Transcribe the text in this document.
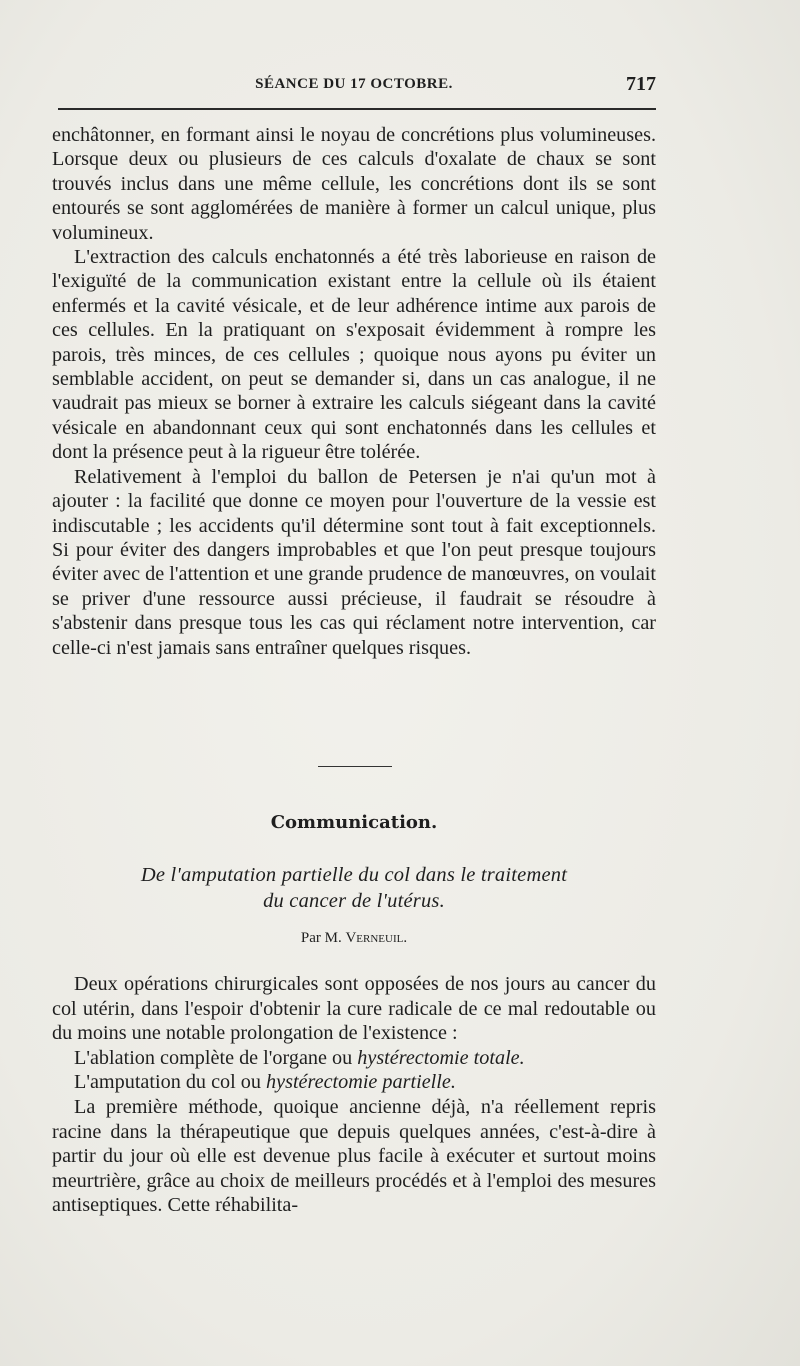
SÉANCE DU 17 OCTOBRE.	717

enchâtonner, en formant ainsi le noyau de concrétions plus volumineuses. Lorsque deux ou plusieurs de ces calculs d'oxalate de chaux se sont trouvés inclus dans une même cellule, les concrétions dont ils se sont entourés se sont agglomérées de manière à former un calcul unique, plus volumineux.

L'extraction des calculs enchatonnés a été très laborieuse en raison de l'exiguïté de la communication existant entre la cellule où ils étaient enfermés et la cavité vésicale, et de leur adhérence intime aux parois de ces cellules. En la pratiquant on s'exposait évidemment à rompre les parois, très minces, de ces cellules ; quoique nous ayons pu éviter un semblable accident, on peut se demander si, dans un cas analogue, il ne vaudrait pas mieux se borner à extraire les calculs siégeant dans la cavité vésicale en abandonnant ceux qui sont enchatonnés dans les cellules et dont la présence peut à la rigueur être tolérée.

Relativement à l'emploi du ballon de Petersen je n'ai qu'un mot à ajouter : la facilité que donne ce moyen pour l'ouverture de la vessie est indiscutable ; les accidents qu'il détermine sont tout à fait exceptionnels. Si pour éviter des dangers improbables et que l'on peut presque toujours éviter avec de l'attention et une grande prudence de manœuvres, on voulait se priver d'une ressource aussi précieuse, il faudrait se résoudre à s'abstenir dans presque tous les cas qui réclament notre intervention, car celle-ci n'est jamais sans entraîner quelques risques.

Communication.
De l'amputation partielle du col dans le traitement
du cancer de l'utérus.
Par M. Verneuil.

Deux opérations chirurgicales sont opposées de nos jours au cancer du col utérin, dans l'espoir d'obtenir la cure radicale de ce mal redoutable ou du moins une notable prolongation de l'existence :

L'ablation complète de l'organe ou hystérectomie totale.

L'amputation du col ou hystérectomie partielle.

La première méthode, quoique ancienne déjà, n'a réellement repris racine dans la thérapeutique que depuis quelques années, c'est-à-dire à partir du jour où elle est devenue plus facile à exécuter et surtout moins meurtrière, grâce au choix de meilleurs procédés et à l'emploi des mesures antiseptiques. Cette réhabilita-
